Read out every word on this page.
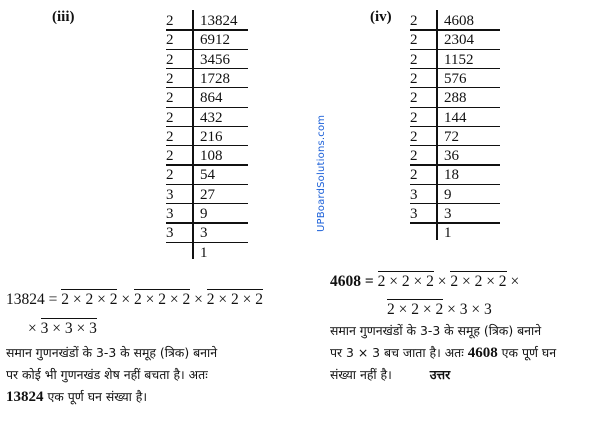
(iii)	2	13824
2	6912
2	3456
2	1728
2	864
2	432
2	216
2	108
2	54
3	27
3	9
3	3
1
13824 = 2 × 2 × 2 × 2 × 2 × 2 × 2 × 2 × 2
× 3 × 3 × 3
समान गुणनखंडों के 3-3 के समूह (त्रिक) बनाने
पर कोई भी गुणनखंड शेष नहीं बचता है। अतः
13824 एक पूर्ण घन संख्या है।
UPBoardSolutions.com
(iv) 2	4608
2	2304
2	1152
2	576
2	288
2	144
2	72
2	36
2	18
3	9
3	3
1
4608 = 2 × 2 × 2 × 2 × 2 × 2 ×
2 × 2 × 2 × 3 × 3
समान गुणनखंडों के 3-3 के समूह (त्रिक) बनाने
पर 3 × 3 बच जाता है। अतः 4608 एक पूर्ण घन
संख्या नहीं है।	उत्तर
